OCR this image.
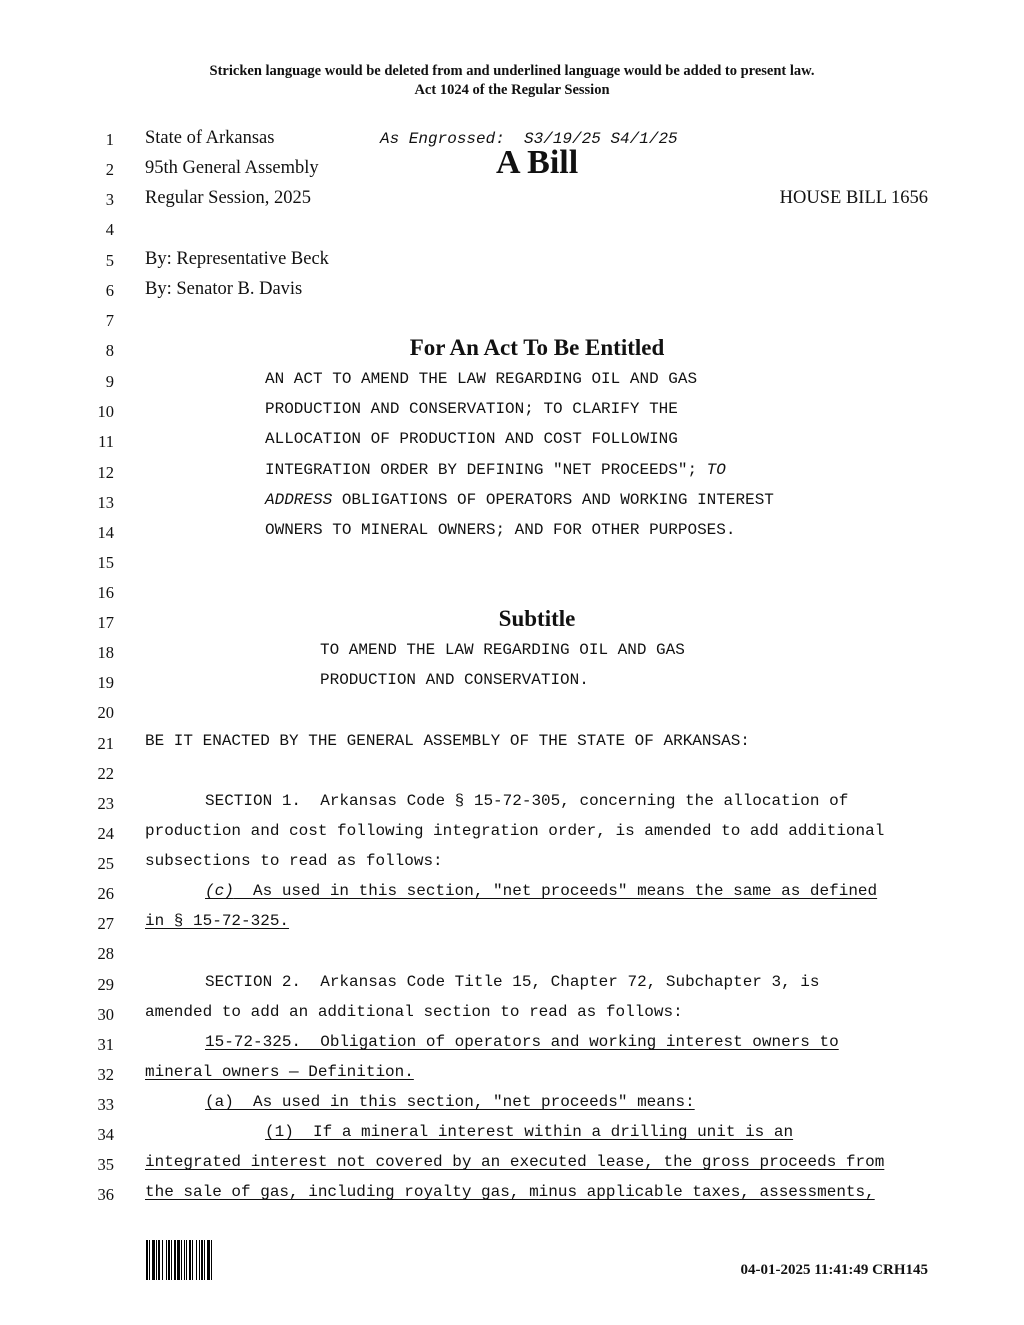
Stricken language would be deleted from and underlined language would be added to present law.
Act 1024 of the Regular Session
1
2
3
4
5
6
7
8
9
10
11
12
13
14
15
16
17
18
19
20
21
22
23
24
25
26
27
28
29
30
31
32
33
34
35
36
State of Arkansas	As Engrossed:  S3/19/25 S4/1/25
95th General Assembly	A Bill
Regular Session, 2025	HOUSE BILL 1656
By: Representative Beck
By: Senator B. Davis
For An Act To Be Entitled
AN ACT TO AMEND THE LAW REGARDING OIL AND GAS
PRODUCTION AND CONSERVATION; TO CLARIFY THE
ALLOCATION OF PRODUCTION AND COST FOLLOWING
INTEGRATION ORDER BY DEFINING "NET PROCEEDS"; TO
ADDRESS OBLIGATIONS OF OPERATORS AND WORKING INTEREST
OWNERS TO MINERAL OWNERS; AND FOR OTHER PURPOSES.
Subtitle
TO AMEND THE LAW REGARDING OIL AND GAS
PRODUCTION AND CONSERVATION.
BE IT ENACTED BY THE GENERAL ASSEMBLY OF THE STATE OF ARKANSAS:
SECTION 1.  Arkansas Code § 15-72-305, concerning the allocation of
production and cost following integration order, is amended to add additional
subsections to read as follows:
(c)  As used in this section, "net proceeds" means the same as defined
in § 15-72-325.
SECTION 2.  Arkansas Code Title 15, Chapter 72, Subchapter 3, is
amended to add an additional section to read as follows:
15-72-325.  Obligation of operators and working interest owners to
mineral owners — Definition.
(a)  As used in this section, "net proceeds" means:
(1)  If a mineral interest within a drilling unit is an
integrated interest not covered by an executed lease, the gross proceeds from
the sale of gas, including royalty gas, minus applicable taxes, assessments,
04-01-2025 11:41:49 CRH145
